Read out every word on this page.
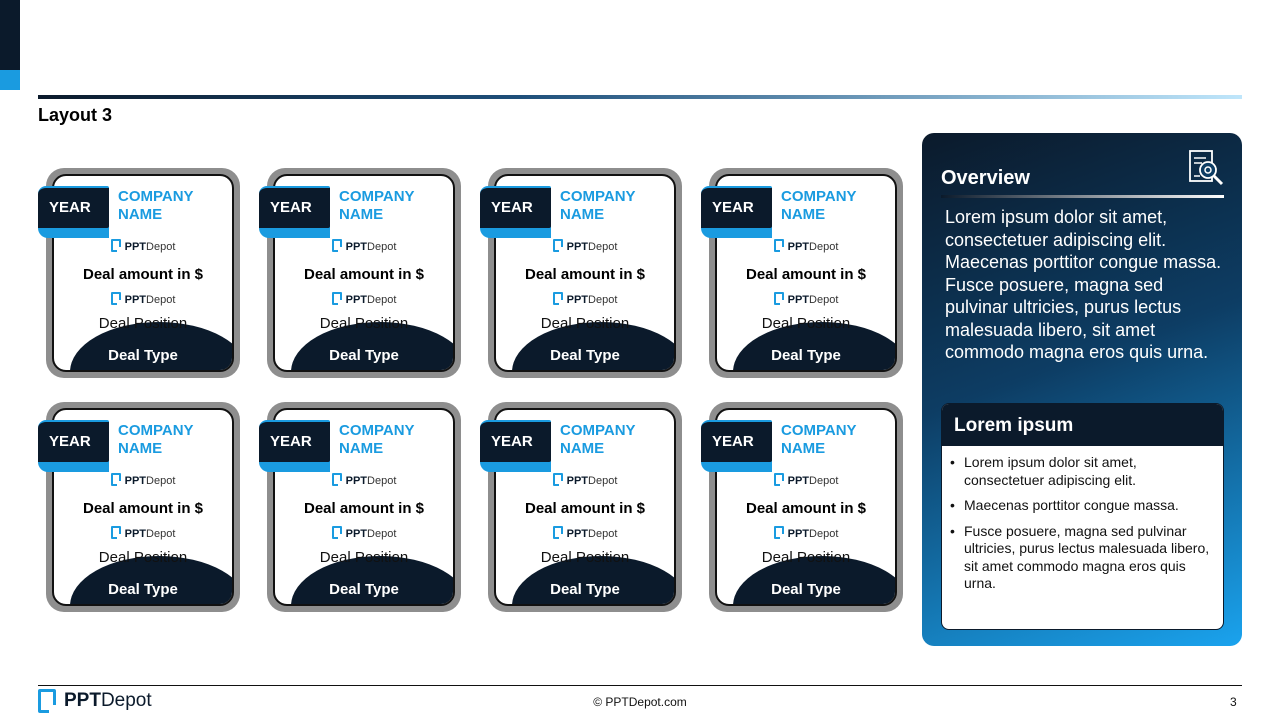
Layout 3
YEAR
COMPANY NAME
PPTDepot
Deal amount in $
PPTDepot
Deal Position
Deal Type
YEAR
COMPANY NAME
PPTDepot
Deal amount in $
PPTDepot
Deal Position
Deal Type
YEAR
COMPANY NAME
PPTDepot
Deal amount in $
PPTDepot
Deal Position
Deal Type
YEAR
COMPANY NAME
PPTDepot
Deal amount in $
PPTDepot
Deal Position
Deal Type
YEAR
COMPANY NAME
PPTDepot
Deal amount in $
PPTDepot
Deal Position
Deal Type
YEAR
COMPANY NAME
PPTDepot
Deal amount in $
PPTDepot
Deal Position
Deal Type
YEAR
COMPANY NAME
PPTDepot
Deal amount in $
PPTDepot
Deal Position
Deal Type
YEAR
COMPANY NAME
PPTDepot
Deal amount in $
PPTDepot
Deal Position
Deal Type
Overview
Lorem ipsum dolor sit amet, consectetuer adipiscing elit. Maecenas porttitor congue massa. Fusce posuere, magna sed pulvinar ultricies, purus lectus malesuada libero, sit amet commodo magna eros quis urna.
Lorem ipsum
• Lorem ipsum dolor sit amet, consectetuer adipiscing elit.
• Maecenas porttitor congue massa.
• Fusce posuere, magna sed pulvinar ultricies, purus lectus malesuada libero, sit amet commodo magna eros quis urna.
PPTDepot	© PPTDepot.com	3
